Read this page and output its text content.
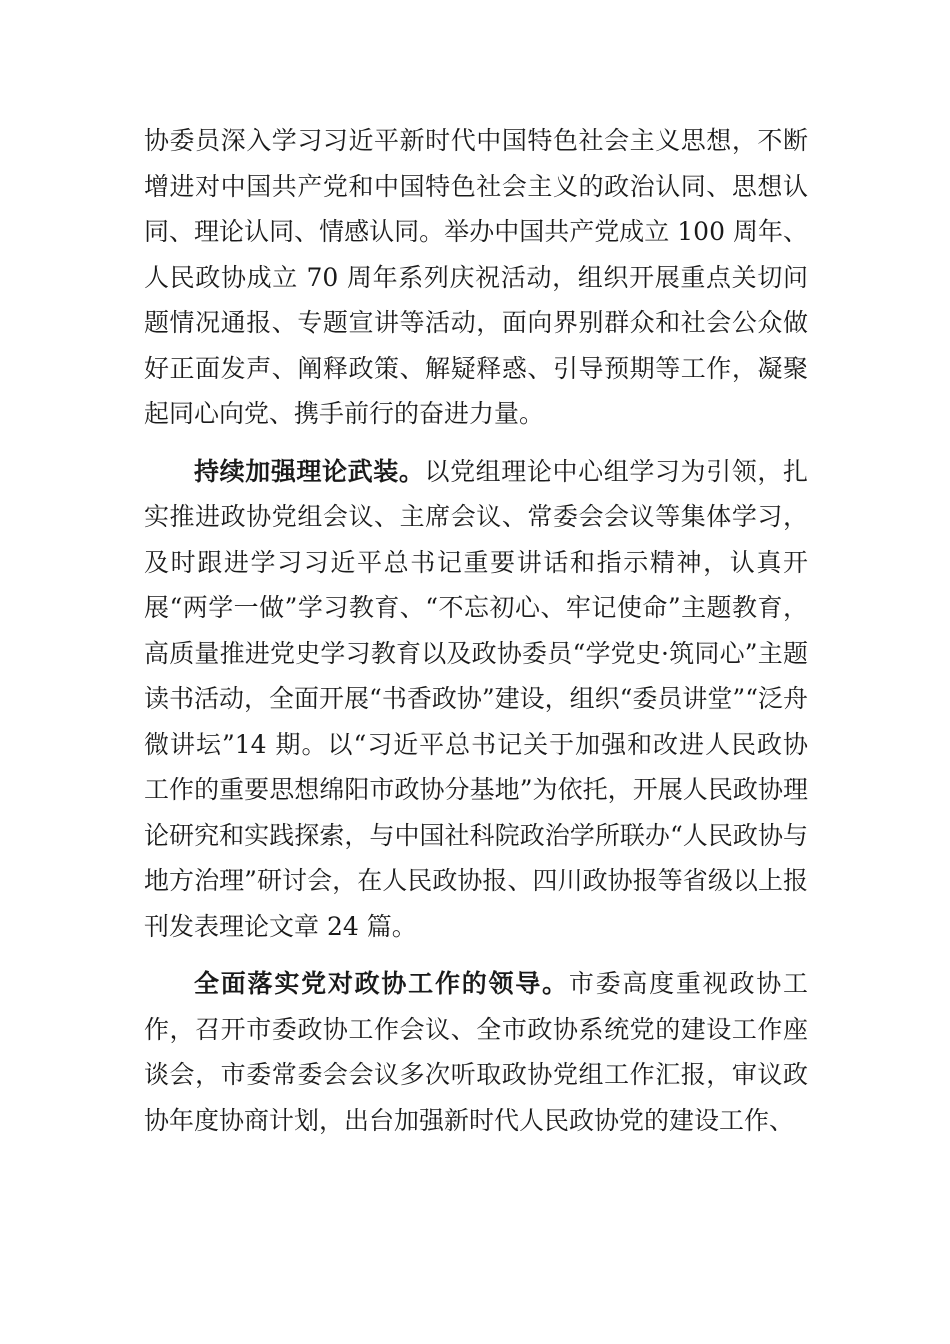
协委员深入学习习近平新时代中国特色社会主义思想，不断增进对中国共产党和中国特色社会主义的政治认同、思想认同、理论认同、情感认同。举办中国共产党成立 100 周年、人民政协成立 70 周年系列庆祝活动，组织开展重点关切问题情况通报、专题宣讲等活动，面向界别群众和社会公众做好正面发声、阐释政策、解疑释惑、引导预期等工作，凝聚起同心向党、携手前行的奋进力量。

持续加强理论武装。以党组理论中心组学习为引领，扎实推进政协党组会议、主席会议、常委会会议等集体学习，及时跟进学习习近平总书记重要讲话和指示精神，认真开展“两学一做”学习教育、“不忘初心、牢记使命”主题教育，高质量推进党史学习教育以及政协委员“学党史·筑同心”主题读书活动，全面开展“书香政协”建设，组织“委员讲堂”“泛舟微讲坛”14 期。以“习近平总书记关于加强和改进人民政协工作的重要思想绵阳市政协分基地”为依托，开展人民政协理论研究和实践探索，与中国社科院政治学所联办“人民政协与地方治理”研讨会，在人民政协报、四川政协报等省级以上报刊发表理论文章 24 篇。

全面落实党对政协工作的领导。市委高度重视政协工作，召开市委政协工作会议、全市政协系统党的建设工作座谈会，市委常委会会议多次听取政协党组工作汇报，审议政协年度协商计划，出台加强新时代人民政协党的建设工作、
